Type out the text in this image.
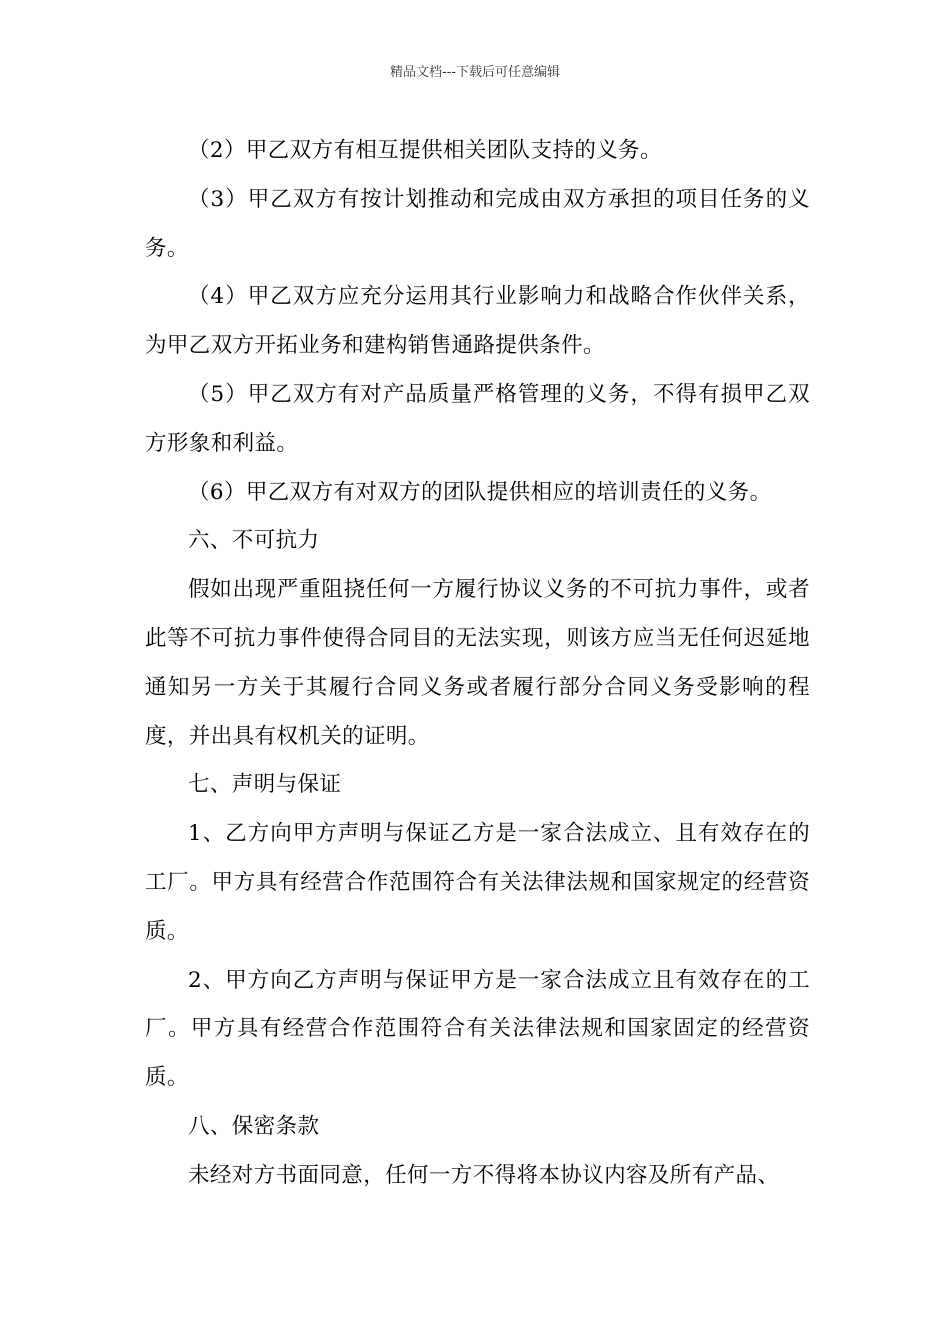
精品文档---下载后可任意编辑

（2）甲乙双方有相互提供相关团队支持的义务。

（3）甲乙双方有按计划推动和完成由双方承担的项目任务的义务。

（4）甲乙双方应充分运用其行业影响力和战略合作伙伴关系，为甲乙双方开拓业务和建构销售通路提供条件。

（5）甲乙双方有对产品质量严格管理的义务，不得有损甲乙双方形象和利益。

（6）甲乙双方有对双方的团队提供相应的培训责任的义务。

六、不可抗力

假如出现严重阻挠任何一方履行协议义务的不可抗力事件，或者此等不可抗力事件使得合同目的无法实现，则该方应当无任何迟延地通知另一方关于其履行合同义务或者履行部分合同义务受影响的程度，并出具有权机关的证明。

七、声明与保证

1、乙方向甲方声明与保证乙方是一家合法成立、且有效存在的工厂。甲方具有经营合作范围符合有关法律法规和国家规定的经营资质。

2、甲方向乙方声明与保证甲方是一家合法成立且有效存在的工厂。甲方具有经营合作范围符合有关法律法规和国家固定的经营资质。

八、保密条款

未经对方书面同意，任何一方不得将本协议内容及所有产品、
